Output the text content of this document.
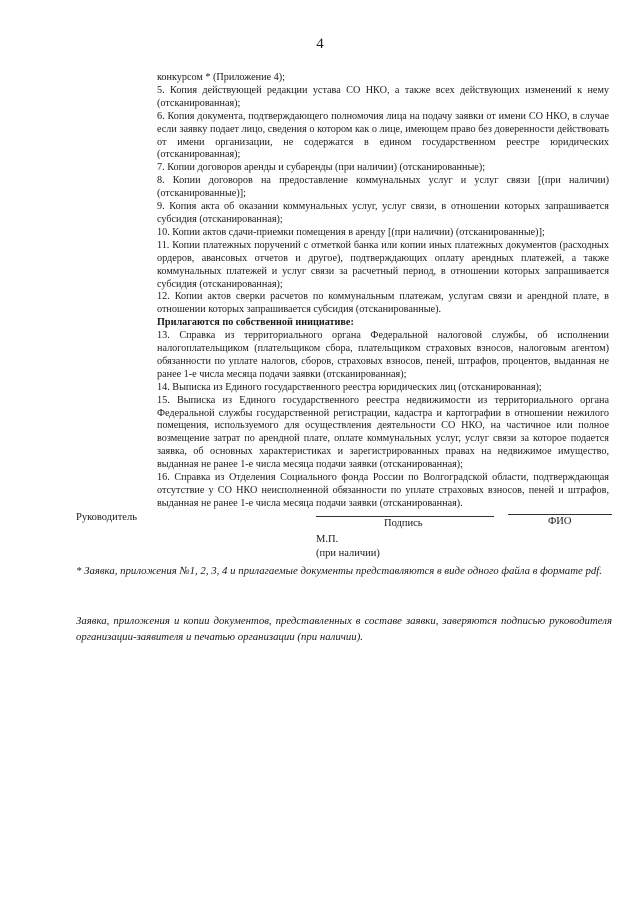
4

конкурсом * (Приложение 4);

5. Копия действующей редакции устава СО НКО, а также всех действующих изменений к нему (отсканированная);

6. Копия документа, подтверждающего полномочия лица на подачу заявки от имени СО НКО, в случае если заявку подает лицо, сведения о котором как о лице, имеющем право без доверенности действовать от имени организации, не содержатся в едином государственном реестре юридических (отсканированная);

7. Копии договоров аренды и субаренды (при наличии) (отсканированные);

8. Копии договоров на предоставление коммунальных услуг и услуг связи [(при наличии) (отсканированные)];

9. Копия акта об оказании коммунальных услуг, услуг связи, в отношении которых запрашивается субсидия (отсканированная);

10. Копии актов сдачи-приемки помещения в аренду [(при наличии) (отсканированные)];

11. Копии платежных поручений с отметкой банка или копии иных платежных документов (расходных ордеров, авансовых отчетов и другое), подтверждающих оплату арендных платежей, а также коммунальных платежей и услуг связи за расчетный период, в отношении которых запрашивается субсидия (отсканированная);

12. Копии актов сверки расчетов по коммунальным платежам, услугам связи и арендной плате, в отношении которых запрашивается субсидия (отсканированные).

Прилагаются по собственной инициативе:

13. Справка из территориального органа Федеральной налоговой службы, об исполнении налогоплательщиком (плательщиком сбора, плательщиком страховых взносов, налоговым агентом) обязанности по уплате налогов, сборов, страховых взносов, пеней, штрафов, процентов, выданная не ранее 1-е числа месяца подачи заявки (отсканированная);

14. Выписка из Единого государственного реестра юридических лиц (отсканированная);

15. Выписка из Единого государственного реестра недвижимости из территориального органа Федеральной службы государственной регистрации, кадастра и картографии в отношении нежилого помещения, используемого для осуществления деятельности СО НКО, на частичное или полное возмещение затрат по арендной плате, оплате коммунальных услуг, услуг связи за которое подается заявка, об основных характеристиках и зарегистрированных правах на недвижимое имущество, выданная не ранее 1-е числа месяца подачи заявки (отсканированная);

16. Справка из Отделения Социального фонда России по Волгоградской области, подтверждающая отсутствие у СО НКО неисполненной обязанности по уплате страховых взносов, пеней и штрафов, выданная не ранее 1-е числа месяца подачи заявки (отсканированная).

Руководитель
Подпись	ФИО
М.П.
(при наличии)
* Заявка, приложения №1, 2, 3, 4 и прилагаемые документы представляются в виде одного файла в формате pdf.
Заявка, приложения и копии документов, представленных в составе заявки, заверяются подписью руководителя организации-заявителя и печатью организации (при наличии).
